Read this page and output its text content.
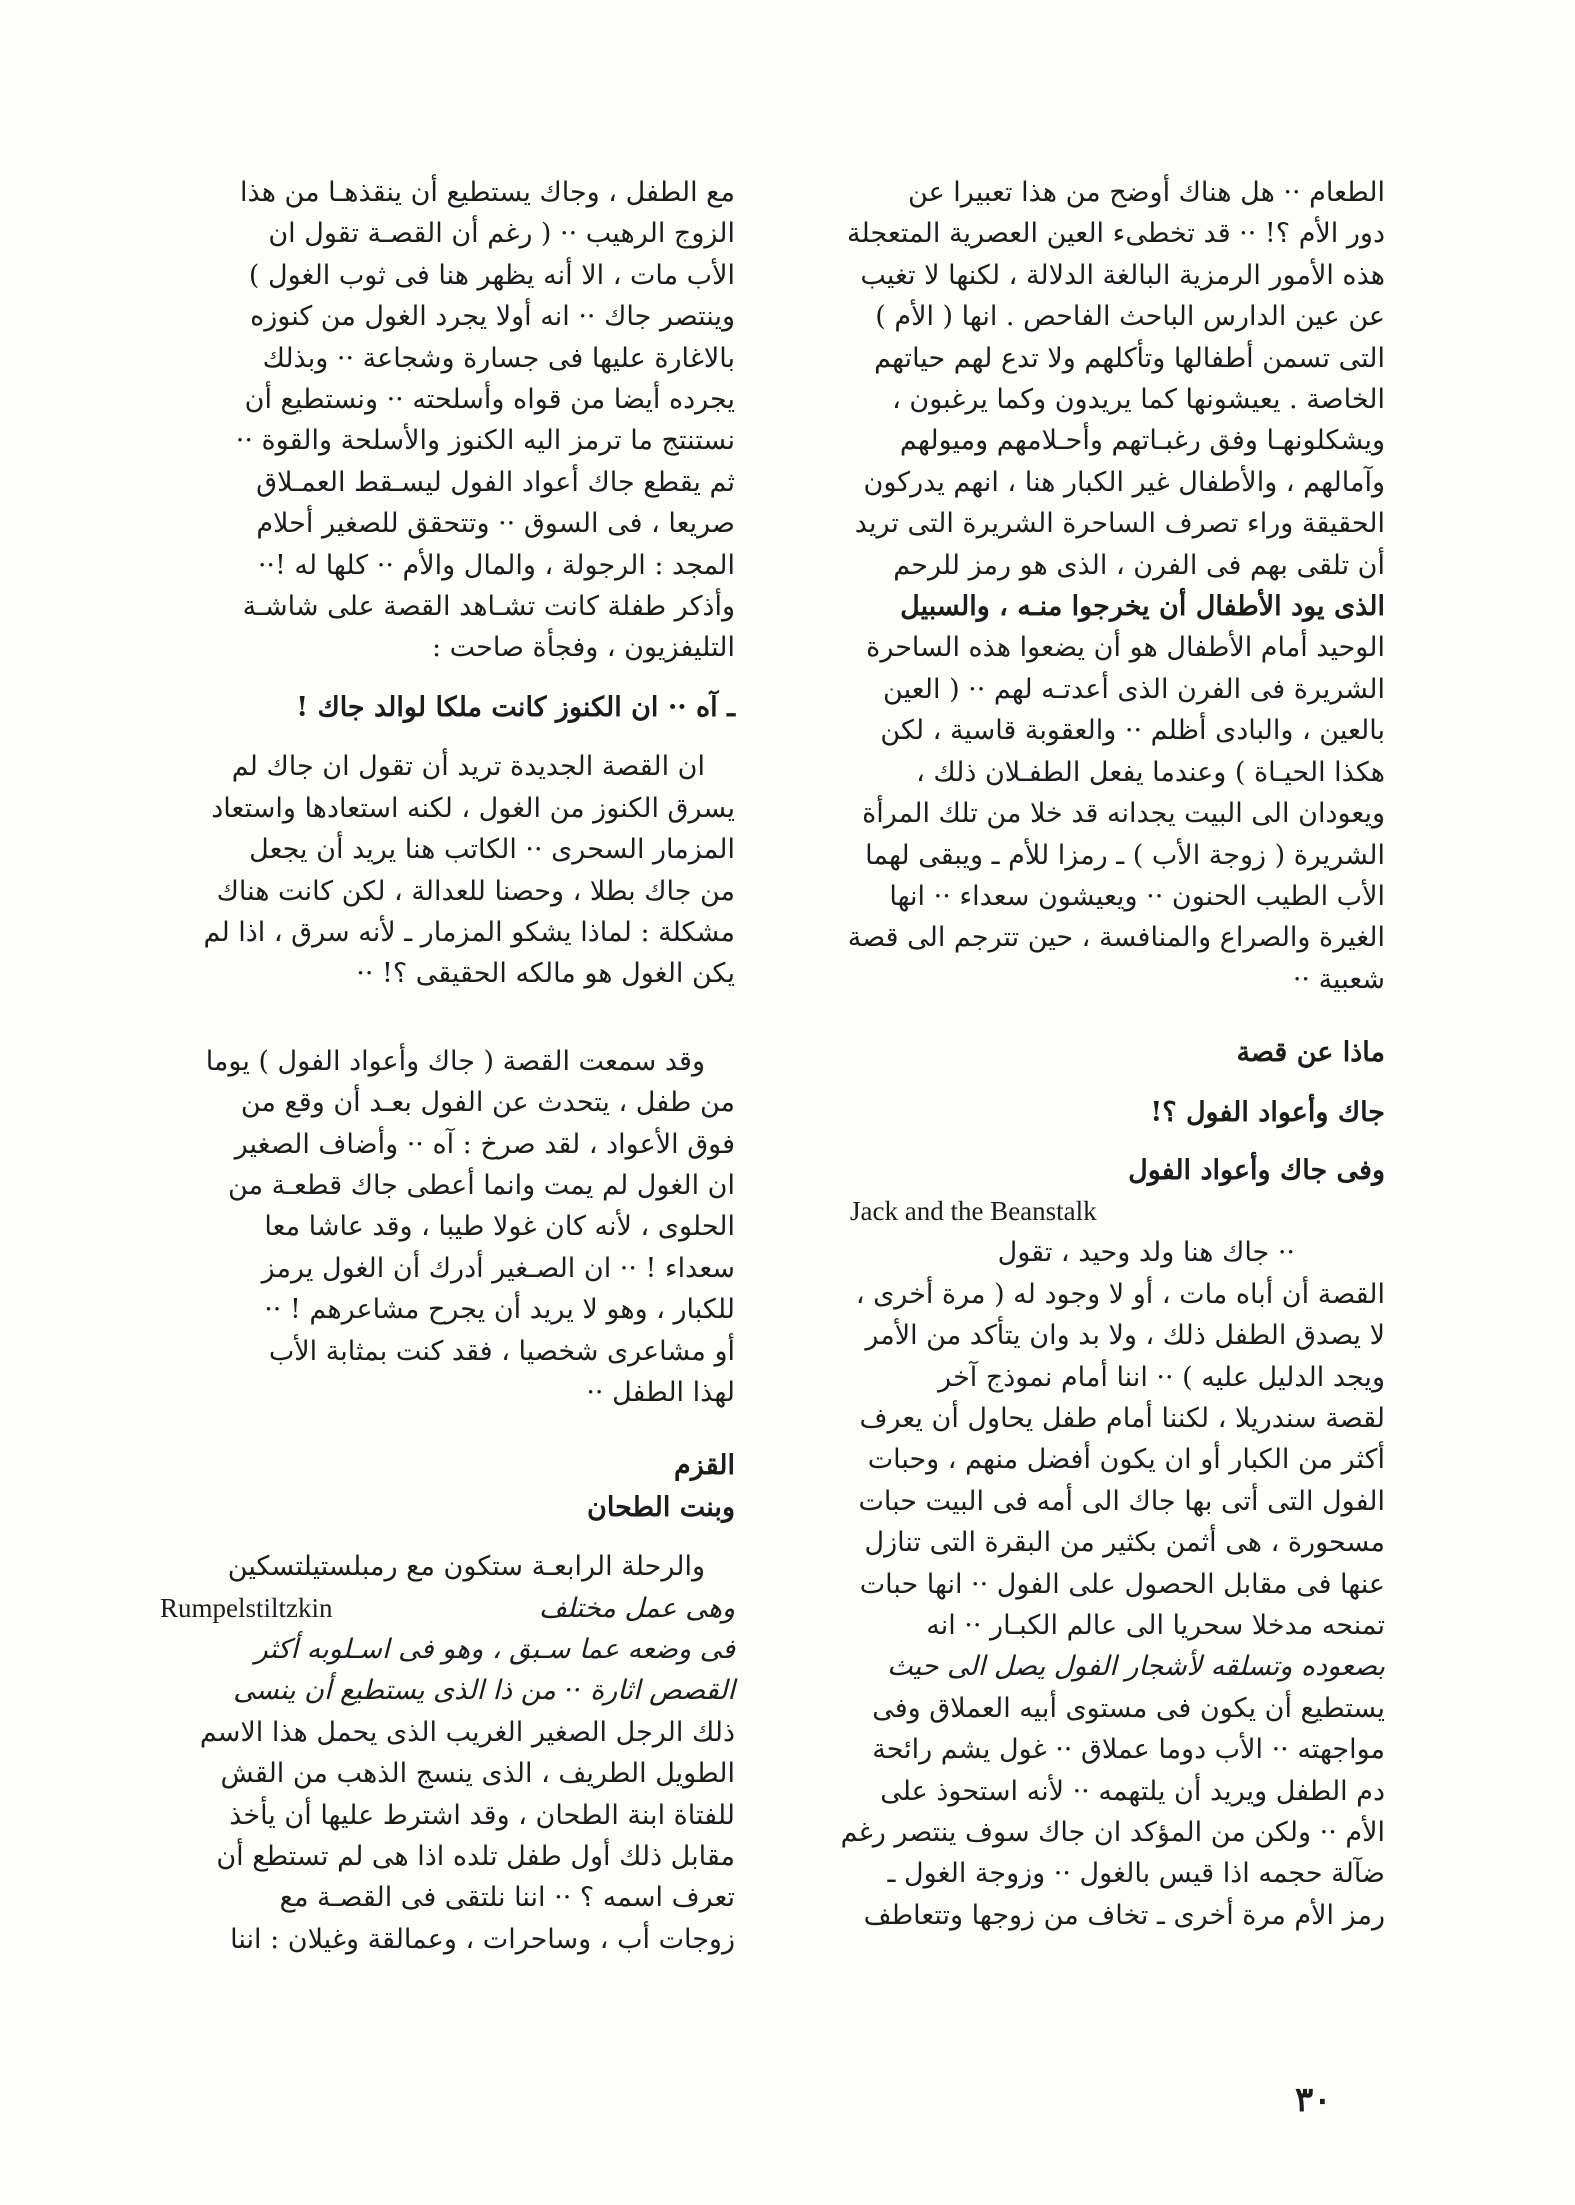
الطعام ·· هل هناك أوضح من هذا تعبيرا عن

دور الأم ؟! ·· قد تخطىء العين العصرية المتعجلة

هذه الأمور الرمزية البالغة الدلالة ، لكنها لا تغيب

عن عين الدارس الباحث الفاحص . انها ( الأم )

التى تسمن أطفالها وتأكلهم ولا تدع لهم حياتهم

الخاصة . يعيشونها كما يريدون وكما يرغبون ،

ويشكلونهـا وفق رغبـاتهم وأحـلامهم وميولهم

وآمالهم ، والأطفال غير الكبار هنا ، انهم يدركون

الحقيقة وراء تصرف الساحرة الشريرة التى تريد

أن تلقى بهم فى الفرن ، الذى هو رمز للرحم

الذى يود الأطفال أن يخرجوا منـه ، والسبيل

الوحيد أمام الأطفال هو أن يضعوا هذه الساحرة

الشريرة فى الفرن الذى أعدتـه لهم ·· ( العين

بالعين ، والبادى أظلم ·· والعقوبة قاسية ، لكن

هكذا الحيـاة ) وعندما يفعل الطفـلان ذلك ،

ويعودان الى البيت يجدانه قد خلا من تلك المرأة

الشريرة ( زوجة الأب ) ـ رمزا للأم ـ ويبقى لهما

الأب الطيب الحنون ·· ويعيشون سعداء ·· انها

الغيرة والصراع والمنافسة ، حين تترجم الى قصة

شعبية ··

ماذا عن قصة

جاك وأعواد الفول ؟!

وفى جاك وأعواد الفول

Jack and the Beanstalk

·· جاك هنا ولد وحيد ، تقول

القصة أن أباه مات ، أو لا وجود له ( مرة أخرى ،

لا يصدق الطفل ذلك ، ولا بد وان يتأكد من الأمر

ويجد الدليل عليه ) ·· اننا أمام نموذج آخر

لقصة سندريلا ، لكننا أمام طفل يحاول أن يعرف

أكثر من الكبار أو ان يكون أفضل منهم ، وحبات

الفول التى أتى بها جاك الى أمه فى البيت حبات

مسحورة ، هى أثمن بكثير من البقرة التى تنازل

عنها فى مقابل الحصول على الفول ·· انها حبات

تمنحه مدخلا سحريا الى عالم الكبـار ·· انه

بصعوده وتسلقه لأشجار الفول يصل الى حيث

يستطيع أن يكون فى مستوى أبيه العملاق وفى

مواجهته ·· الأب دوما عملاق ·· غول يشم رائحة

دم الطفل ويريد أن يلتهمه ·· لأنه استحوذ على

الأم ·· ولكن من المؤكد ان جاك سوف ينتصر رغم

ضآلة حجمه اذا قيس بالغول ·· وزوجة الغول ـ

رمز الأم مرة أخرى ـ تخاف من زوجها وتتعاطف

مع الطفل ، وجاك يستطيع أن ينقذهـا من هذا

الزوج الرهيب ·· ( رغم أن القصـة تقول ان

الأب مات ، الا أنه يظهر هنا فى ثوب الغول )

وينتصر جاك ·· انه أولا يجرد الغول من كنوزه

بالاغارة عليها فى جسارة وشجاعة ·· وبذلك

يجرده أيضا من قواه وأسلحته ·· ونستطيع أن

نستنتج ما ترمز اليه الكنوز والأسلحة والقوة ··

ثم يقطع جاك أعواد الفول ليسـقط العمـلاق

صريعا ، فى السوق ·· وتتحقق للصغير أحلام

المجد : الرجولة ، والمال والأم ·· كلها له !··

وأذكر طفلة كانت تشـاهد القصة على شاشـة

التليفزيون ، وفجأة صاحت :

ـ آه ·· ان الكنوز كانت ملكا لوالد جاك !

ان القصة الجديدة تريد أن تقول ان جاك لم

يسرق الكنوز من الغول ، لكنه استعادها واستعاد

المزمار السحرى ·· الكاتب هنا يريد أن يجعل

من جاك بطلا ، وحصنا للعدالة ، لكن كانت هناك

مشكلة : لماذا يشكو المزمار ـ لأنه سرق ، اذا لم

يكن الغول هو مالكه الحقيقى ؟! ··

وقد سمعت القصة ( جاك وأعواد الفول ) يوما

من طفل ، يتحدث عن الفول بعـد أن وقع من

فوق الأعواد ، لقد صرخ : آه ·· وأضاف الصغير

ان الغول لم يمت وانما أعطى جاك قطعـة من

الحلوى ، لأنه كان غولا طيبا ، وقد عاشا معا

سعداء ! ·· ان الصـغير أدرك أن الغول يرمز

للكبار ، وهو لا يريد أن يجرح مشاعرهم ! ··

أو مشاعرى شخصيا ، فقد كنت بمثابة الأب

لهذا الطفل ··

القزم

وبنت الطحان

والرحلة الرابعـة ستكون مع رمبلستيلتسكين

وهى عمل مختلف
Rumpelstiltzkin

فى وضعه عما سـبق ، وهو فى اسـلوبه أكثر

القصص اثارة ·· من ذا الذى يستطيع أن ينسى

ذلك الرجل الصغير الغريب الذى يحمل هذا الاسم

الطويل الطريف ، الذى ينسج الذهب من القش

للفتاة ابنة الطحان ، وقد اشترط عليها أن يأخذ

مقابل ذلك أول طفل تلده اذا هى لم تستطع أن

تعرف اسمه ؟ ·· اننا نلتقى فى القصـة مع

زوجات أب ، وساحرات ، وعمالقة وغيلان : اننا

٣٠
